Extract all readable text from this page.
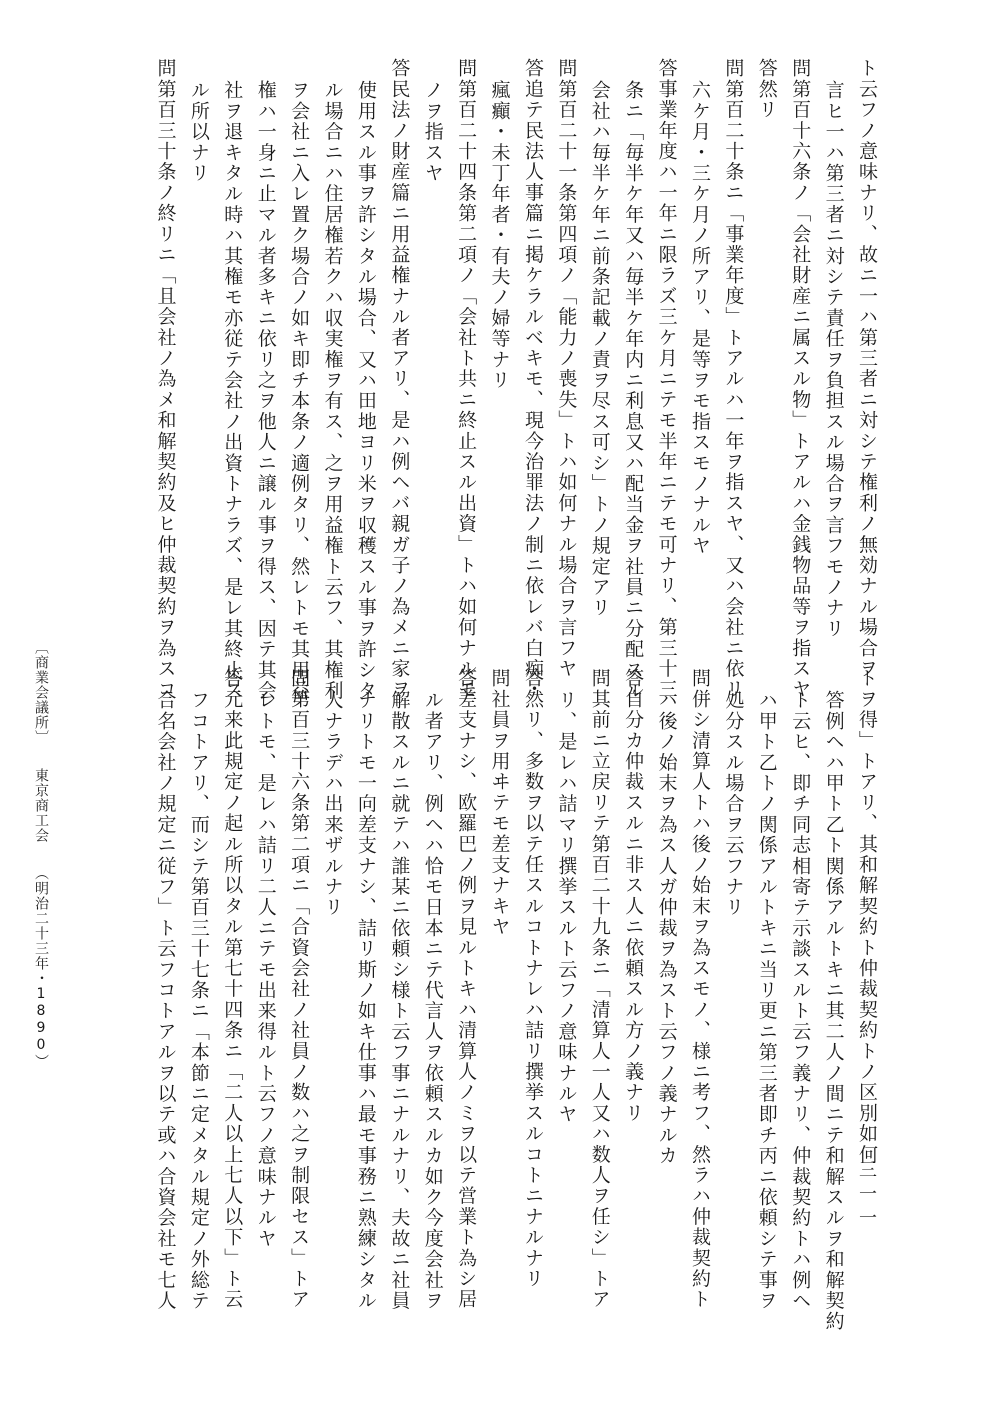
ト云フノ意味ナリ、故ニ一ハ第三者ニ対シテ権利ノ無効ナル場合ヲ
言ヒ一ハ第三者ニ対シテ責任ヲ負担スル場合ヲ言フモノナリ
問第百十六条ノ「会社財産ニ属スル物」トアルハ金銭物品等ヲ指スヤ
答然リ
問第百二十条ニ「事業年度」トアルハ一年ヲ指スヤ、又ハ会社ニ依リ
六ケ月・三ケ月ノ所アリ、是等ヲモ指スモノナルヤ
答事業年度ハ一年ニ限ラズ三ケ月ニテモ半年ニテモ可ナリ、第三十三
条ニ「毎半ケ年又ハ毎半ケ年内ニ利息又ハ配当金ヲ社員ニ分配スル
会社ハ毎半ケ年ニ前条記載ノ責ヲ尽ス可シ」トノ規定アリ
問第百二十一条第四項ノ「能力ノ喪失」トハ如何ナル場合ヲ言フヤ
答追テ民法人事篇ニ掲ケラルベキモ、現今治罪法ノ制ニ依レバ白痴・
瘋癲・未丁年者・有夫ノ婦等ナリ
問第百二十四条第二項ノ「会社ト共ニ終止スル出資」トハ如何ナルモ
ノヲ指スヤ
答民法ノ財産篇ニ用益権ナル者アリ、是ハ例ヘバ親ガ子ノ為メニ家ヲ
使用スル事ヲ許シタル場合、又ハ田地ヨリ米ヲ収穫スル事ヲ許シタ
ル場合ニハ住居権若クハ収実権ヲ有ス、之ヲ用益権ト云フ、其権利
ヲ会社ニ入レ置ク場合ノ如キ即チ本条ノ適例タリ、然レトモ其用益
権ハ一身ニ止マル者多キニ依リ之ヲ他人ニ譲ル事ヲ得ス、因テ其会
社ヲ退キタル時ハ其権モ亦従テ会社ノ出資トナラズ、是レ其終止ス
ル所以ナリ
問第百三十条ノ終リニ「且会社ノ為メ和解契約及ヒ仲裁契約ヲ為スコ
トヲ得」トアリ、其和解契約ト仲裁契約トノ区別如何
答例ヘハ甲ト乙ト関係アルトキニ其二人ノ間ニテ和解スルヲ和解契約
ト云ヒ、即チ同志相寄テ示談スルト云フ義ナリ、仲裁契約トハ例ヘ
ハ甲ト乙トノ関係アルトキニ当リ更ニ第三者即チ丙ニ依頼シテ事ヲ
処分スル場合ヲ云フナリ
問併シ清算人トハ後ノ始末ヲ為スモノ、様ニ考フ、然ラハ仲裁契約ト
ハ後ノ始末ヲ為ス人ガ仲裁ヲ為スト云フノ義ナルカ
答自分カ仲裁スルニ非ス人ニ依頼スル方ノ義ナリ
問其前ニ立戻リテ第百二十九条ニ「清算人一人又ハ数人ヲ任シ」トア
リ、是レハ詰マリ撰挙スルト云フノ意味ナルヤ
答然リ、多数ヲ以テ任スルコトナレハ詰リ撰挙スルコトニナルナリ
問社員ヲ用ヰテモ差支ナキヤ
答差支ナシ、欧羅巴ノ例ヲ見ルトキハ清算人ノミヲ以テ営業ト為シ居
ル者アリ、例ヘハ恰モ日本ニテ代言人ヲ依頼スルカ如ク今度会社ヲ
解散スルニ就テハ誰某ニ依頼シ様ト云フ事ニナルナリ、夫故ニ社員
ナリトモ一向差支ナシ、詰リ斯ノ如キ仕事ハ最モ事務ニ熟練シタル
人ナラデハ出来ザルナリ
問第百三十六条第二項ニ「合資会社ノ社員ノ数ハ之ヲ制限セス」トア
レトモ、是レハ詰リ二人ニテモ出来得ルト云フノ意味ナルヤ
答元来此規定ノ起ル所以タル第七十四条ニ「二人以上七人以下」ト云
フコトアリ、而シテ第百三十七条ニ「本節ニ定メタル規定ノ外総テ
合名会社ノ規定ニ従フ」ト云フコトアルヲ以テ或ハ合資会社モ七人	三一一
〔商業会議所〕　　東京商工会　　（明治二十三年・1890）
